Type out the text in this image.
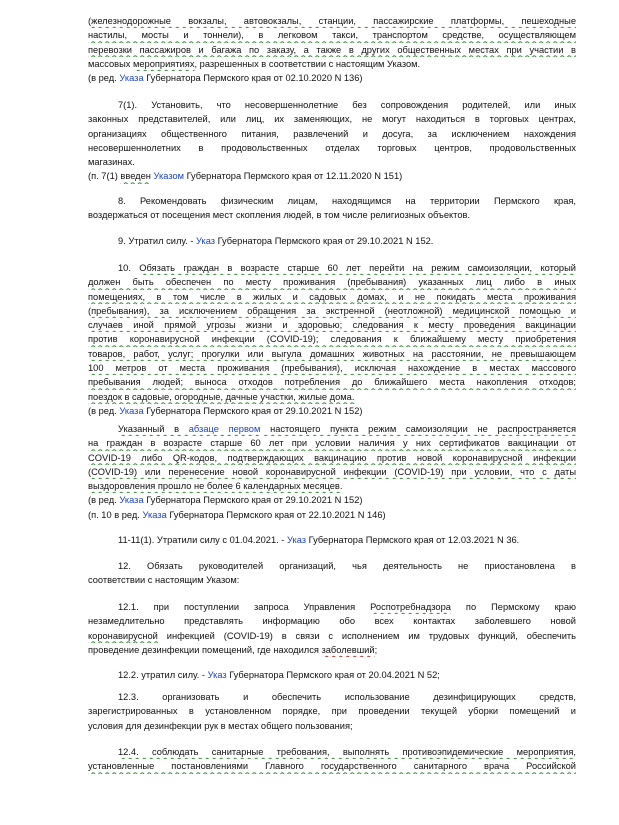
(железнодорожные вокзалы, автовокзалы, станции, пассажирские платформы, пешеходные
настилы, мосты и тоннели), в легковом такси, транспортом средстве, осуществляющем
перевозки пассажиров и багажа по заказу, а также в других общественных местах при участии в
массовых мероприятиях, разрешенных в соответствии с настоящим Указом.
(в ред. Указа Губернатора Пермского края от 02.10.2020 N 136)
7(1). Установить, что несовершеннолетние без сопровождения родителей, или иных
законных представителей, или лиц, их заменяющих, не могут находиться в торговых центрах,
организациях общественного питания, развлечений и досуга, за исключением нахождения
несовершеннолетних в продовольственных отделах торговых центров, продовольственных
магазинах.
(п. 7(1) введен Указом Губернатора Пермского края от 12.11.2020 N 151)
8. Рекомендовать физическим лицам, находящимся на территории Пермского края,
воздержаться от посещения мест скопления людей, в том числе религиозных объектов.
9. Утратил силу. - Указ Губернатора Пермского края от 29.10.2021 N 152.
10. Обязать граждан в возрасте старше 60 лет перейти на режим самоизоляции, который
должен быть обеспечен по месту проживания (пребывания) указанных лиц либо в иных
помещениях, в том числе в жилых и садовых домах, и не покидать места проживания
(пребывания), за исключением обращения за экстренной (неотложной) медицинской помощью и
случаев иной прямой угрозы жизни и здоровью; следования к месту проведения вакцинации
против коронавирусной инфекции (COVID-19); следования к ближайшему месту приобретения
товаров, работ, услуг; прогулки или выгула домашних животных на расстоянии, не превышающем
100 метров от места проживания (пребывания), исключая нахождение в местах массового
пребывания людей; выноса отходов потребления до ближайшего места накопления отходов;
поездок в садовые, огородные, дачные участки, жилые дома.
(в ред. Указа Губернатора Пермского края от 29.10.2021 N 152)
Указанный в абзаце первом настоящего пункта режим самоизоляции не распространяется
на граждан в возрасте старше 60 лет при условии наличия у них сертификатов вакцинации от
COVID-19 либо QR-кодов, подтверждающих вакцинацию против новой коронавирусной инфекции
(COVID-19) или перенесение новой коронавирусной инфекции (COVID-19) при условии, что с даты
выздоровления прошло не более 6 календарных месяцев.
(в ред. Указа Губернатора Пермского края от 29.10.2021 N 152)
(п. 10 в ред. Указа Губернатора Пермского края от 22.10.2021 N 146)
11-11(1). Утратили силу с 01.04.2021. - Указ Губернатора Пермского края от 12.03.2021 N 36.
12. Обязать руководителей организаций, чья деятельность не приостановлена в
соответствии с настоящим Указом:
12.1. при поступлении запроса Управления Роспотребнадзора по Пермскому краю
незамедлительно представлять информацию обо всех контактах заболевшего новой
коронавирусной инфекцией (COVID-19) в связи с исполнением им трудовых функций, обеспечить
проведение дезинфекции помещений, где находился заболевший;
12.2. утратил силу. - Указ Губернатора Пермского края от 20.04.2021 N 52;
12.3. организовать и обеспечить использование дезинфицирующих средств,
зарегистрированных в установленном порядке, при проведении текущей уборки помещений и
условия для дезинфекции рук в местах общего пользования;
12.4. соблюдать санитарные требования, выполнять противоэпидемические мероприятия,
установленные постановлениями Главного государственного санитарного врача Российской
